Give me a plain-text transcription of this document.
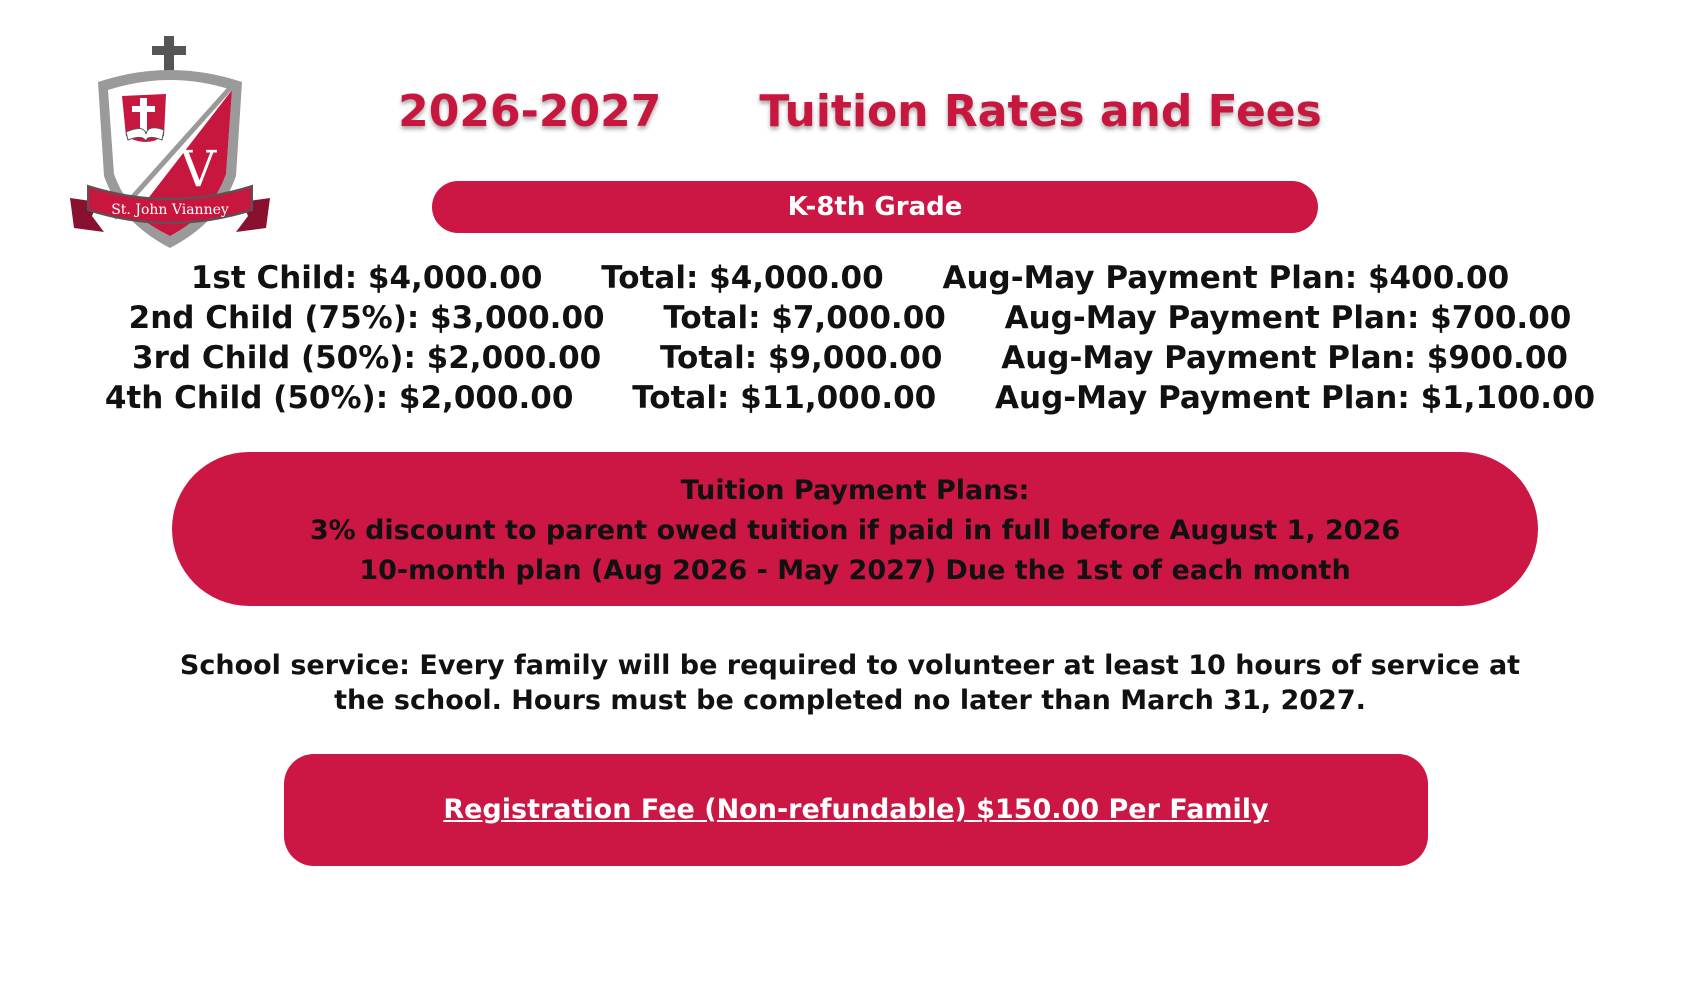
V
St. John Vianney
2026-2027 Tuition Rates and Fees
K-8th Grade
1st Child: $4,000.00 Total: $4,000.00 Aug-May Payment Plan: $400.00
2nd Child (75%): $3,000.00 Total: $7,000.00 Aug-May Payment Plan: $700.00
3rd Child (50%): $2,000.00 Total: $9,000.00 Aug-May Payment Plan: $900.00
4th Child (50%): $2,000.00 Total: $11,000.00 Aug-May Payment Plan: $1,100.00
Tuition Payment Plans:
3% discount to parent owed tuition if paid in full before August 1, 2026
10-month plan (Aug 2026 - May 2027) Due the 1st of each month
School service: Every family will be required to volunteer at least 10 hours of service at
the school. Hours must be completed no later than March 31, 2027.
Registration Fee (Non-refundable) $150.00 Per Family
